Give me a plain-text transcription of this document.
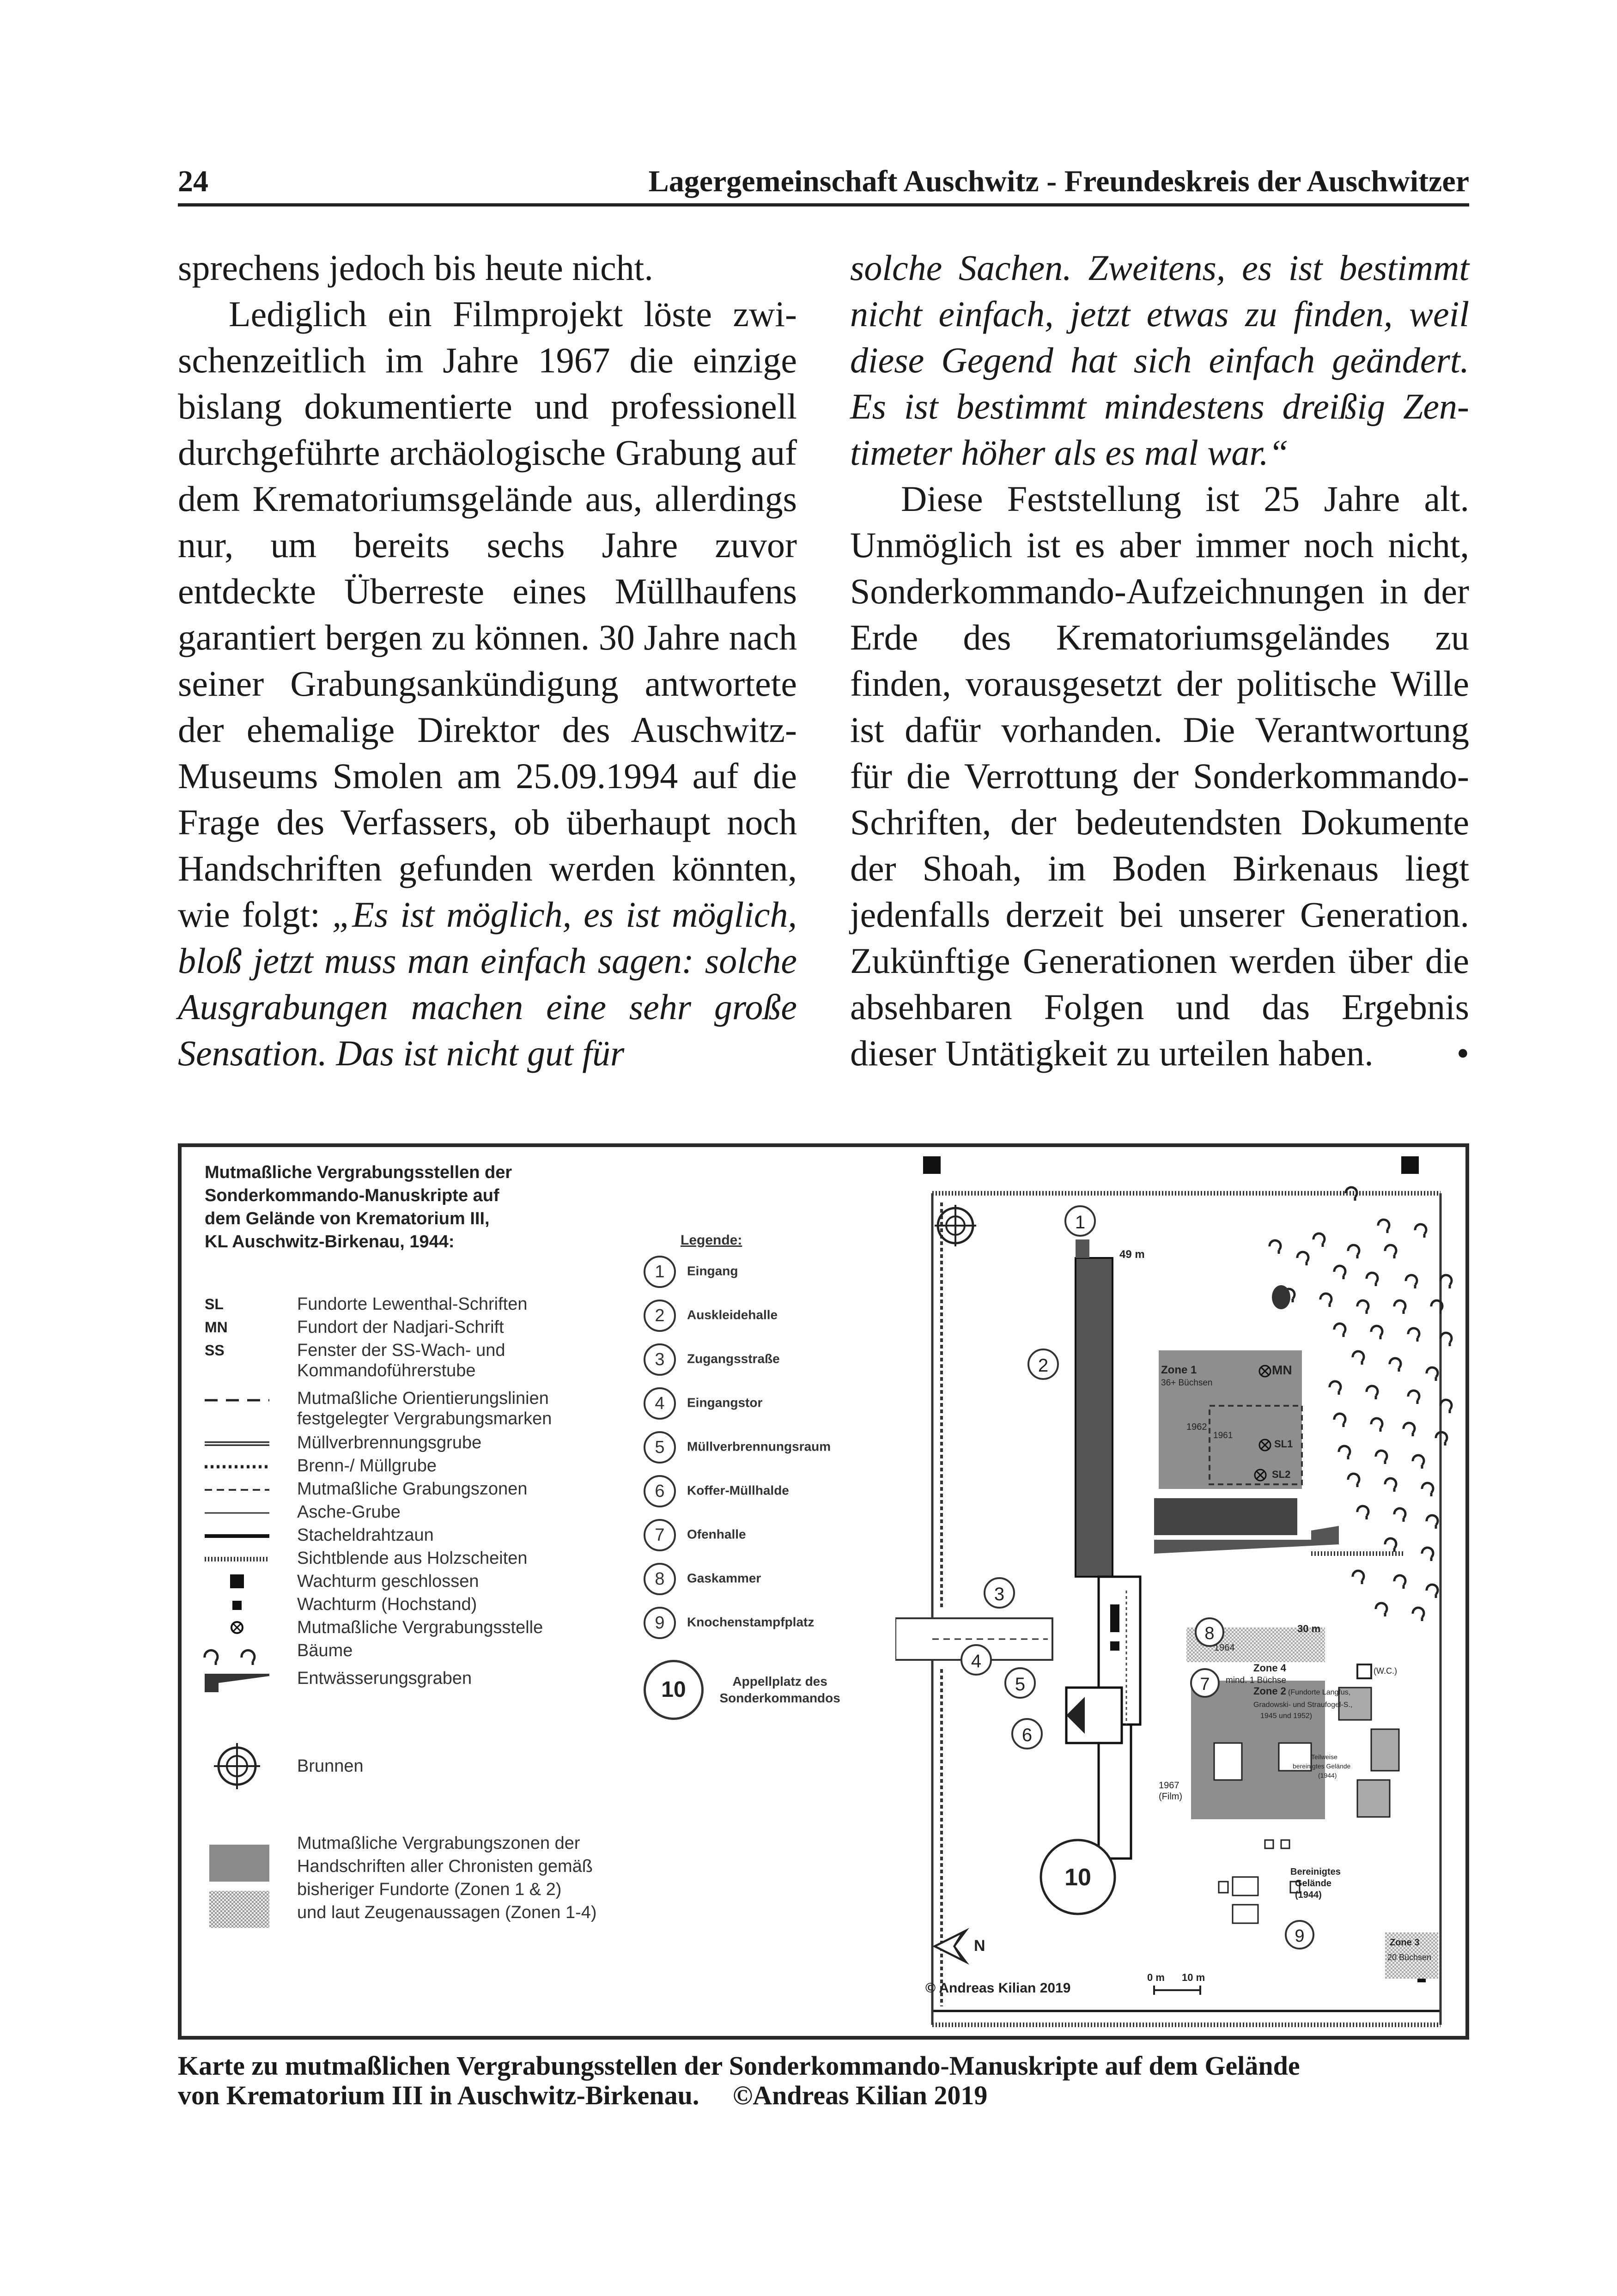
24	Lagergemeinschaft Auschwitz - Freundeskreis der Auschwitzer

sprechens jedoch bis heute nicht.

Lediglich ein Filmprojekt löste zwischenzeitlich im Jahre 1967 die einzige bislang dokumentierte und professionell durchgeführte archäologische Grabung auf dem Krematoriumsgelände aus, allerdings nur, um bereits sechs Jahre zuvor entdeckte Überreste eines Müllhaufens garantiert bergen zu können. 30 Jahre nach seiner Grabungsankündigung antwortete der ehemalige Direktor des Auschwitz-Museums Smolen am 25.09.1994 auf die Frage des Verfassers, ob überhaupt noch Handschriften gefunden werden könnten, wie folgt: „Es ist möglich, es ist möglich, bloß jetzt muss man einfach sagen: solche Ausgrabungen machen eine sehr große Sensation. Das ist nicht gut für

solche Sachen. Zweitens, es ist bestimmt nicht einfach, jetzt etwas zu finden, weil diese Gegend hat sich einfach geändert. Es ist bestimmt mindestens dreißig Zentimeter höher als es mal war.“

Diese Feststellung ist 25 Jahre alt. Unmöglich ist es aber immer noch nicht, Sonderkommando-Aufzeichnungen in der Erde des Krematoriumsgeländes zu finden, vorausgesetzt der politische Wille ist dafür vorhanden. Die Verantwortung für die Verrottung der Sonderkommando-Schriften, der bedeutendsten Dokumente der Shoah, im Boden Birkenaus liegt jedenfalls derzeit bei unserer Generation. Zukünftige Generationen werden über die absehbaren Folgen und das Ergebnis dieser Untätigkeit zu urteilen haben.	•

Mutmaßliche Vergrabungsstellen der
Sonderkommando-Manuskripte auf
dem Gelände von Krematorium III,
KL Auschwitz-Birkenau, 1944:	Legende:
SL	Fundorte Lewenthal-Schriften
MN	Fundort der Nadjari-Schrift
SS	Fenster der SS-Wach- und
Kommandoführerstube
Mutmaßliche Orientierungslinien
festgelegter Vergrabungsmarken
Müllverbrennungsgrube
Brenn-/ Müllgrube
Mutmaßliche Grabungszonen
Asche-Grube
Stacheldrahtzaun
Sichtblende aus Holzscheiten
Wachturm geschlossen
Wachturm (Hochstand)
Mutmaßliche Vergrabungsstelle
Bäume
Entwässerungsgraben
Brunnen
Mutmaßliche Vergrabungszonen der
Handschriften aller Chronisten gemäß
bisheriger Fundorte (Zonen 1 & 2)
und laut Zeugenaussagen (Zonen 1-4)
1 Eingang
2 Auskleidehalle
3 Zugangsstraße
4 Eingangstor
5 Müllverbrennungsraum
6 Koffer-Müllhalde
7 Ofenhalle
8 Gaskammer
9 Knochenstampfplatz
10	Appellplatz des
Sonderkommandos
1
2
3
4
5
6
7
8
9
10
N
49 m
Zone 1
36+ Büchsen
MN
1962
1961
SL1
SL2
30 m
1964
Zone 4
mind. 1 Büchse
(W.C.)
Zone 2 (Fundorte Langfus,
Gradowski- und Straufogel-S.,
1945 und 1952)
Teilweise
bereinigtes Gelände
(1944)
1967
(Film)
Bereinigtes
Gelände
(1944)
0 m 10 m
Zone 3
20 Büchsen
© Andreas Kilian 2019
Karte zu mutmaßlichen Vergrabungsstellen der Sonderkommando-Manuskripte auf dem Gelände
von Krematorium III in Auschwitz-Birkenau. ©Andreas Kilian 2019
